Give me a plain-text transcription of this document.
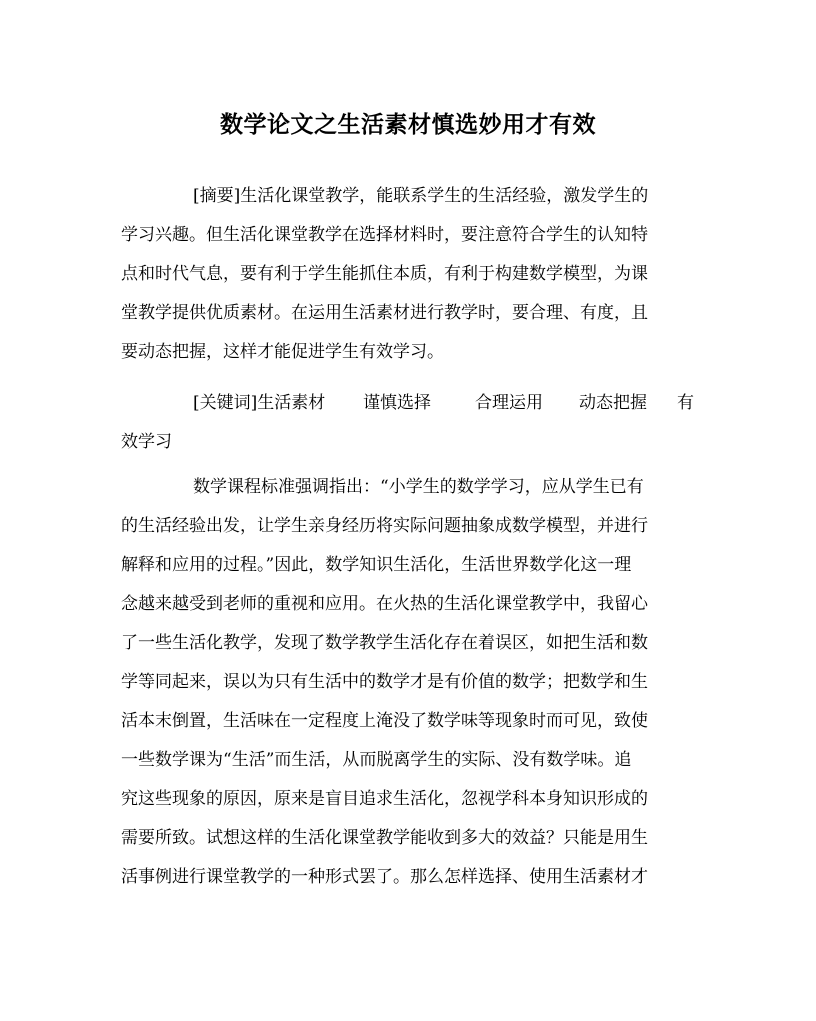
数学论文之生活素材慎选妙用才有效
[摘要]生活化课堂教学，能联系学生的生活经验，激发学生的
学习兴趣。但生活化课堂教学在选择材料时，要注意符合学生的认知特
点和时代气息，要有利于学生能抓住本质，有利于构建数学模型，为课
堂教学提供优质素材。在运用生活素材进行教学时，要合理、有度，且
要动态把握，这样才能促进学生有效学习。
[关键词]生活素材	谨慎选择	合理运用	动态把握	有
效学习
数学课程标准强调指出：“小学生的数学学习，应从学生已有
的生活经验出发，让学生亲身经历将实际问题抽象成数学模型，并进行
解释和应用的过程。”因此，数学知识生活化，生活世界数学化这一理
念越来越受到老师的重视和应用。在火热的生活化课堂教学中，我留心
了一些生活化教学，发现了数学教学生活化存在着误区，如把生活和数
学等同起来，误以为只有生活中的数学才是有价值的数学；把数学和生
活本末倒置，生活味在一定程度上淹没了数学味等现象时而可见，致使
一些数学课为“生活”而生活，从而脱离学生的实际、没有数学味。追
究这些现象的原因，原来是盲目追求生活化，忽视学科本身知识形成的
需要所致。试想这样的生活化课堂教学能收到多大的效益？只能是用生
活事例进行课堂教学的一种形式罢了。那么怎样选择、使用生活素材才
